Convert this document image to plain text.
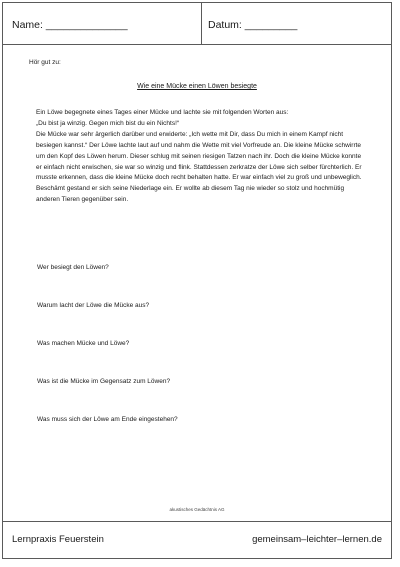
Name: ______________	Datum: _________
Hör gut zu:
Wie eine Mücke einen Löwen besiegte

Ein Löwe begegnete eines Tages einer Mücke und lachte sie mit folgenden Worten aus:

„Du bist ja winzig. Gegen mich bist du ein Nichts!“

Die Mücke war sehr ärgerlich darüber und erwiderte: „Ich wette mit Dir, dass Du mich in einem Kampf nicht besiegen kannst.“ Der Löwe lachte laut auf und nahm die Wette mit viel Vorfreude an. Die kleine Mücke schwirrte um den Kopf des Löwen herum. Dieser schlug mit seinen riesigen Tatzen nach ihr. Doch die kleine Mücke konnte er einfach nicht erwischen, sie war so winzig und flink. Stattdessen zerkratze der Löwe sich selber fürchterlich. Er musste erkennen, dass die kleine Mücke doch recht behalten hatte. Er war einfach viel zu groß und unbeweglich. Beschämt gestand er sich seine Niederlage ein. Er wollte ab diesem Tag nie wieder so stolz und hochmütig anderen Tieren gegenüber sein.

Wer besiegt den Löwen?
Warum lacht der Löwe die Mücke aus?
Was machen Mücke und Löwe?
Was ist die Mücke im Gegensatz zum Löwen?
Was muss sich der Löwe am Ende eingestehen?
akustisches Gedächtnis AG
Lernpraxis Feuerstein	gemeinsam–leichter–lernen.de
